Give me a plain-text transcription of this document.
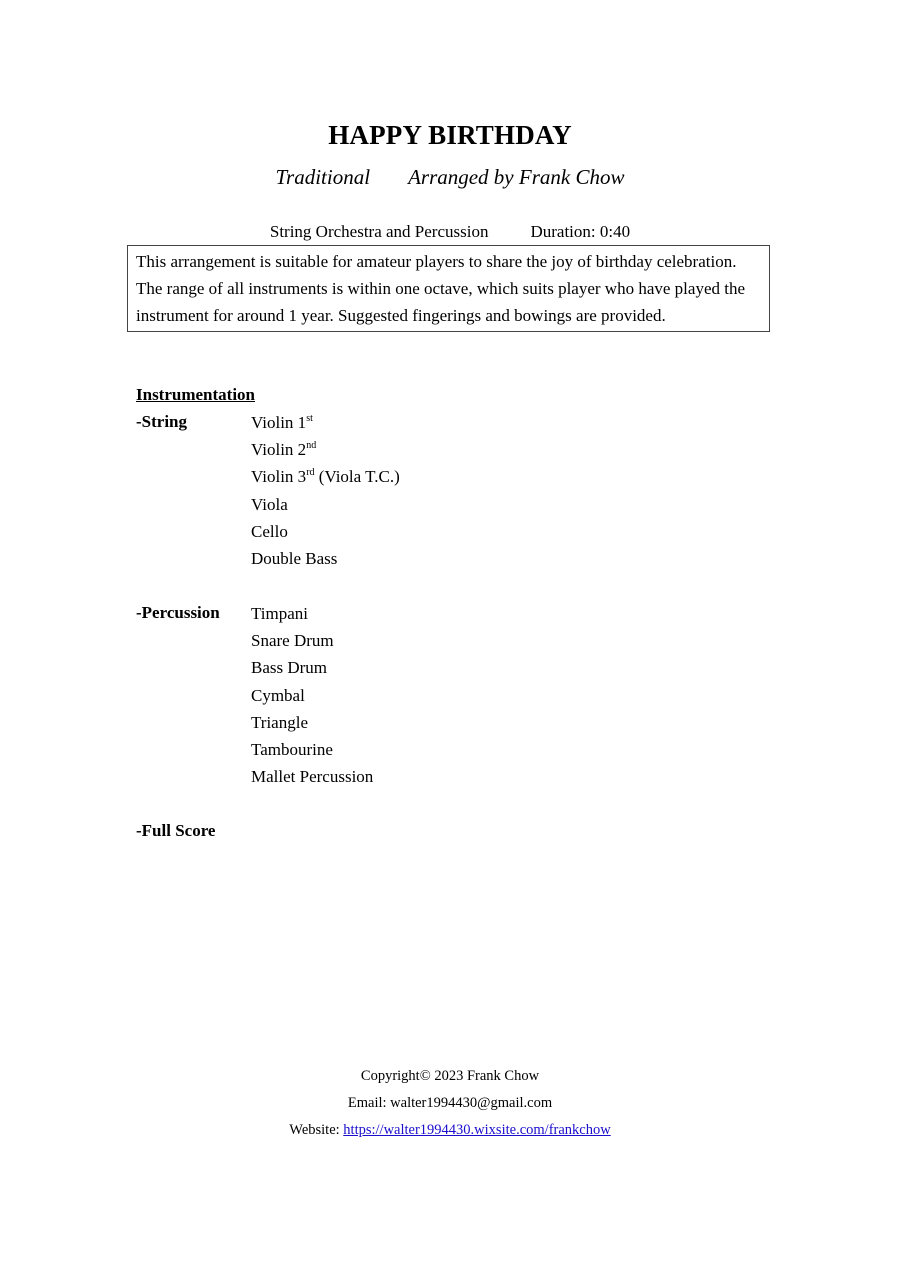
HAPPY BIRTHDAY
Traditional Arranged by Frank Chow
String Orchestra and Percussion Duration: 0:40
This arrangement is suitable for amateur players to share the joy of birthday celebration. The range of all instruments is within one octave, which suits player who have played the instrument for around 1 year. Suggested fingerings and bowings are provided.
Instrumentation
-String	Violin 1st
Violin 2nd
Violin 3rd (Viola T.C.)
Viola
Cello
Double Bass
-Percussion Timpani
Snare Drum
Bass Drum
Cymbal
Triangle
Tambourine
Mallet Percussion
-Full Score
Copyright© 2023 Frank Chow
Email: walter1994430@gmail.com
Website: https://walter1994430.wixsite.com/frankchow
